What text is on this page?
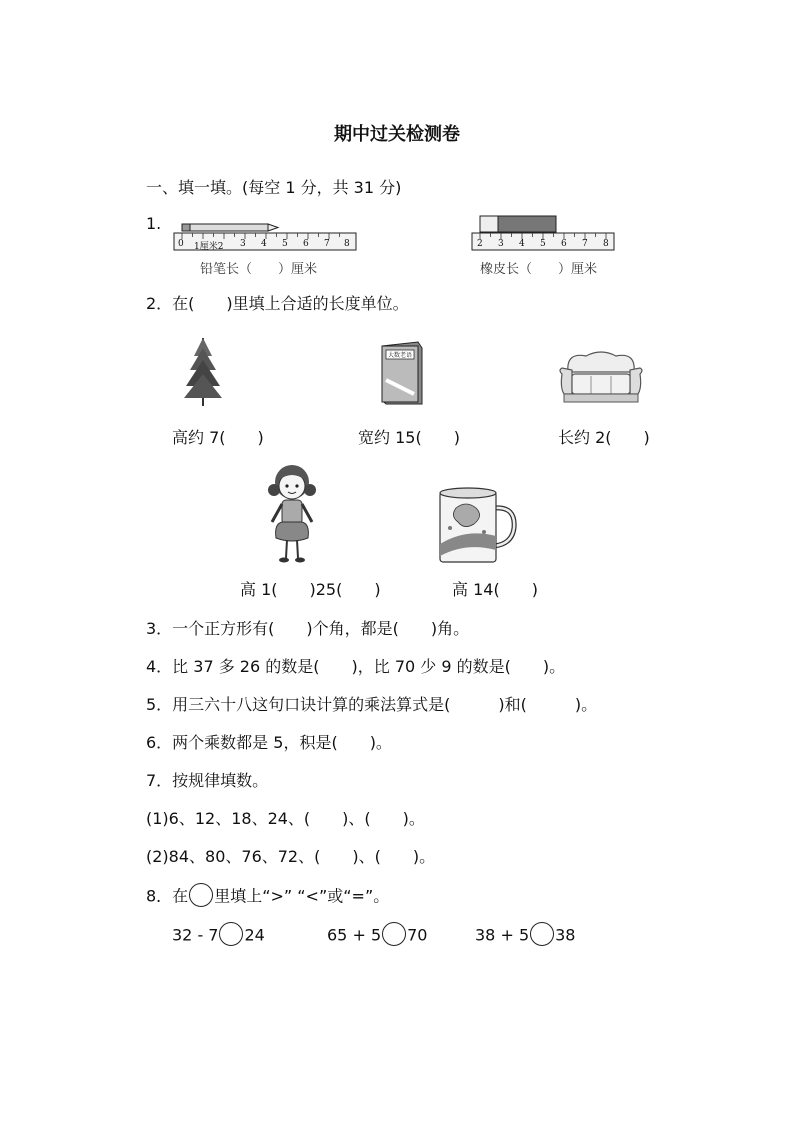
期中过关检测卷
一、填一填。(每空 1 分，共 31 分)
1.
0 1厘米2 3 4 5 6 7 8
铅笔长（　　）厘米
2 3 4 5 6 7 8
橡皮长（　　）厘米
2．在(　　)里填上合适的长度单位。
高约 7(　　)
大数老语
宽约 15(　　)	长约 2(　　)
高 1(　　)25(　　)	高 14(　　)
3．一个正方形有(　　)个角，都是(　　)角。
4．比 37 多 26 的数是(　　)，比 70 少 9 的数是(　　)。
5．用三六十八这句口诀计算的乘法算式是(　　　)和(　　　)。
6．两个乘数都是 5，积是(　　)。
7．按规律填数。
(1)6、12、18、24、(　　)、(　　)。
(2)84、80、76、72、(　　)、(　　)。
8．在 里填上“>” “<”或“=”。
32 - 7 24	65 + 5 70	38 + 5 38
